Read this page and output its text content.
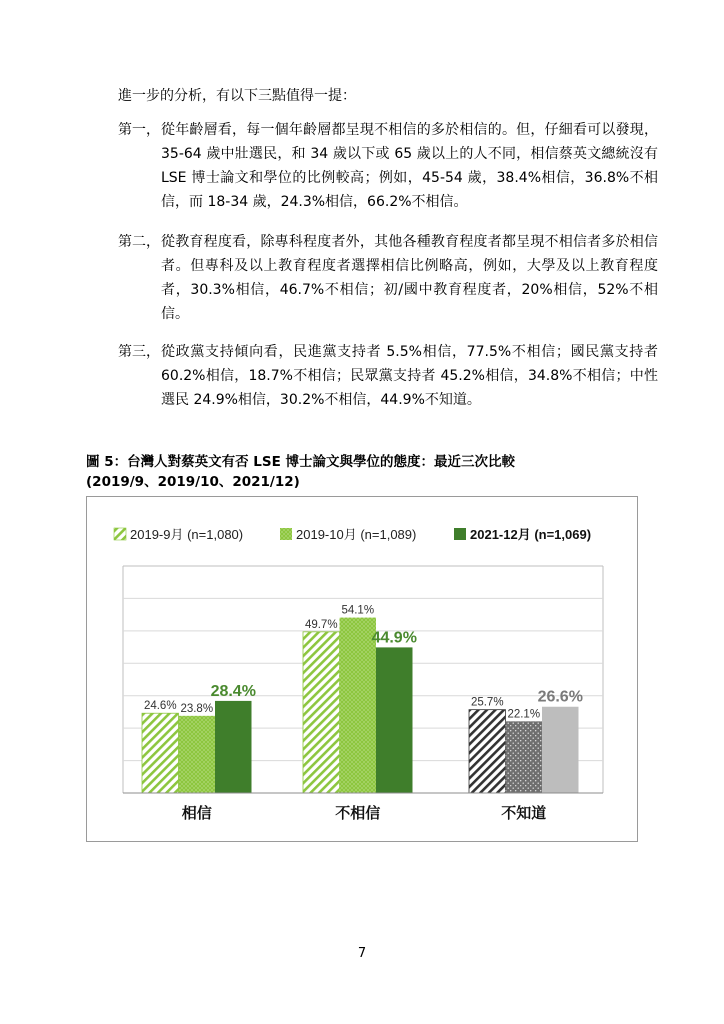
進一步的分析，有以下三點值得一提：
第一， 從年齡層看，每一個年齡層都呈現不相信的多於相信的。但，仔細看可以發現，35-64 歲中壯選民，和 34 歲以下或 65 歲以上的人不同，相信蔡英文總統沒有 LSE 博士論文和學位的比例較高；例如，45-54 歲，38.4%相信，36.8%不相信，而 18-34 歲，24.3%相信，66.2%不相信。
第二， 從教育程度看，除專科程度者外，其他各種教育程度者都呈現不相信者多於相信者。但專科及以上教育程度者選擇相信比例略高，例如，大學及以上教育程度者，30.3%相信，46.7%不相信；初/國中教育程度者，20%相信，52%不相信。
第三， 從政黨支持傾向看，民進黨支持者 5.5%相信，77.5%不相信；國民黨支持者 60.2%相信，18.7%不相信；民眾黨支持者 45.2%相信，34.8%不相信；中性選民 24.9%相信，30.2%不相信，44.9%不知道。
圖 5：台灣人對蔡英文有否 LSE 博士論文與學位的態度：最近三次比較
(2019/9、2019/10、2021/12)
2019-9月 (n=1,080)	2019-10月 (n=1,089)	2021-12月 (n=1,069)
24.6% 23.8%
28.4%
49.7%
54.1%
44.9%
25.7%
22.1%
26.6%
相信	不相信	不知道
7
